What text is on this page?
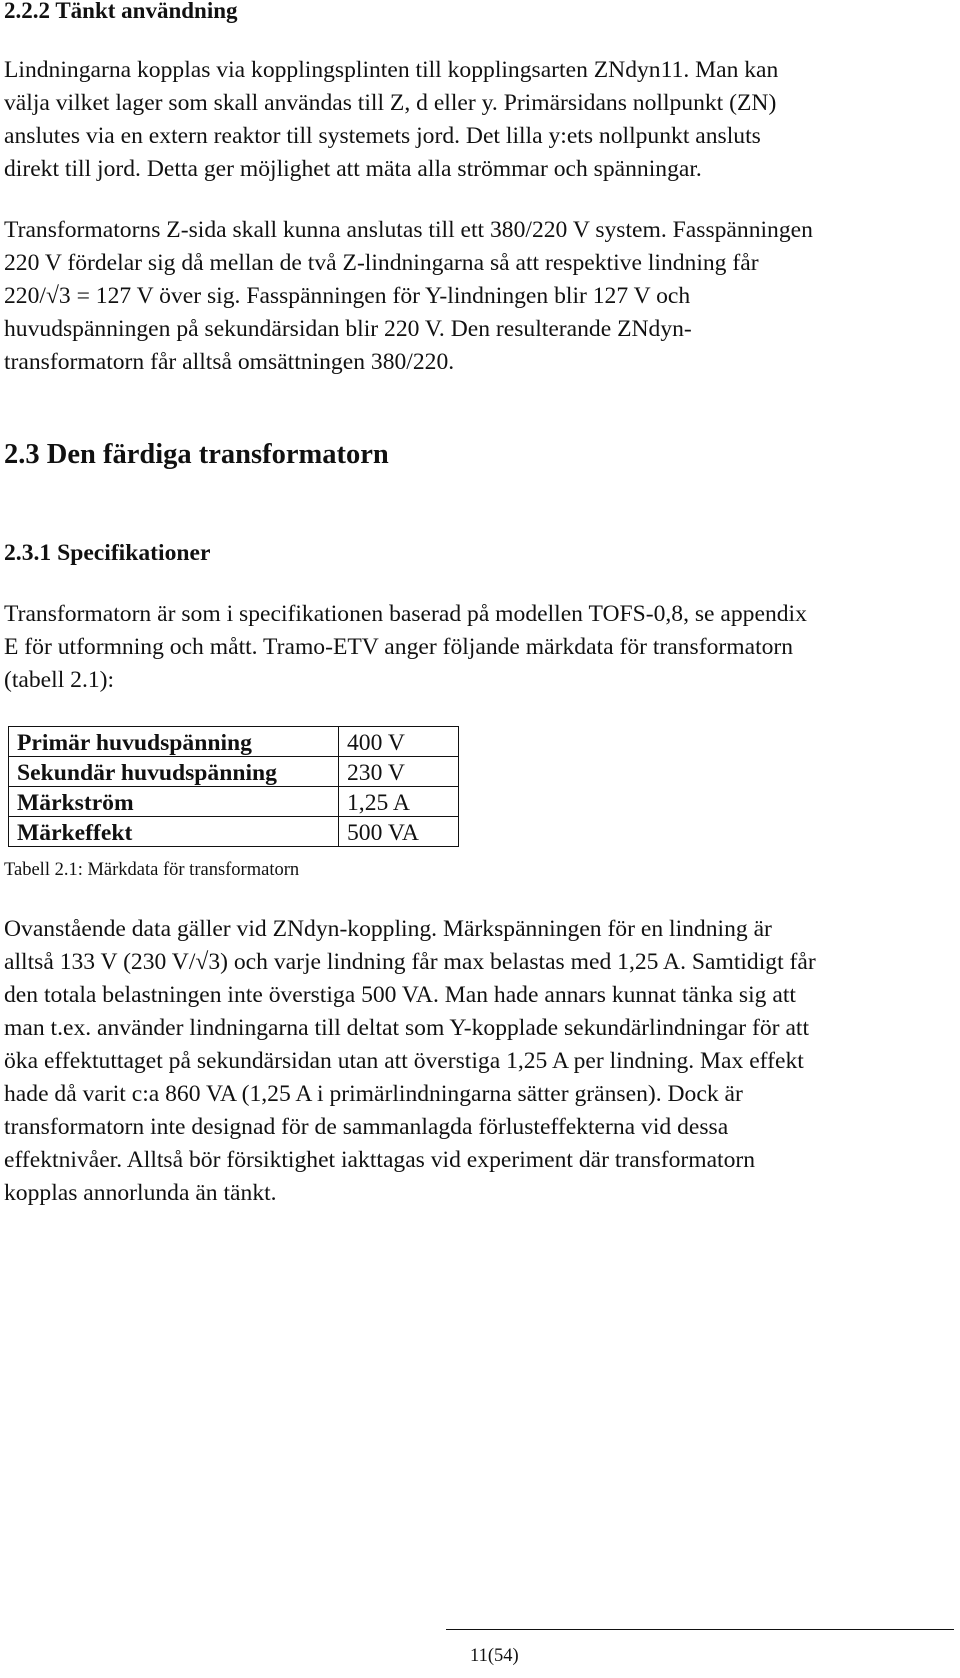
2.2.2 Tänkt användning

Lindningarna kopplas via kopplingsplinten till kopplingsarten ZNdyn11. Man kan
välja vilket lager som skall användas till Z, d eller y. Primärsidans nollpunkt (ZN)
anslutes via en extern reaktor till systemets jord. Det lilla y:ets nollpunkt ansluts
direkt till jord. Detta ger möjlighet att mäta alla strömmar och spänningar.

Transformatorns Z-sida skall kunna anslutas till ett 380/220 V system. Fasspänningen
220 V fördelar sig då mellan de två Z-lindningarna så att respektive lindning får
220/√3 = 127 V över sig. Fasspänningen för Y-lindningen blir 127 V och
huvudspänningen på sekundärsidan blir 220 V. Den resulterande ZNdyn-
transformatorn får alltså omsättningen 380/220.

2.3 Den färdiga transformatorn
2.3.1 Specifikationer

Transformatorn är som i specifikationen baserad på modellen TOFS-0,8, se appendix
E för utformning och mått. Tramo-ETV anger följande märkdata för transformatorn
(tabell 2.1):

Primär huvudspänning	400 V
Sekundär huvudspänning	230 V
Märkström	1,25 A
Märkeffekt	500 VA
Tabell 2.1: Märkdata för transformatorn

Ovanstående data gäller vid ZNdyn-koppling. Märkspänningen för en lindning är
alltså 133 V (230 V/√3) och varje lindning får max belastas med 1,25 A. Samtidigt får
den totala belastningen inte överstiga 500 VA. Man hade annars kunnat tänka sig att
man t.ex. använder lindningarna till deltat som Y-kopplade sekundärlindningar för att
öka effektuttaget på sekundärsidan utan att överstiga 1,25 A per lindning. Max effekt
hade då varit c:a 860 VA (1,25 A i primärlindningarna sätter gränsen). Dock är
transformatorn inte designad för de sammanlagda förlusteffekterna vid dessa
effektnivåer. Alltså bör försiktighet iakttagas vid experiment där transformatorn
kopplas annorlunda än tänkt.

11(54)
